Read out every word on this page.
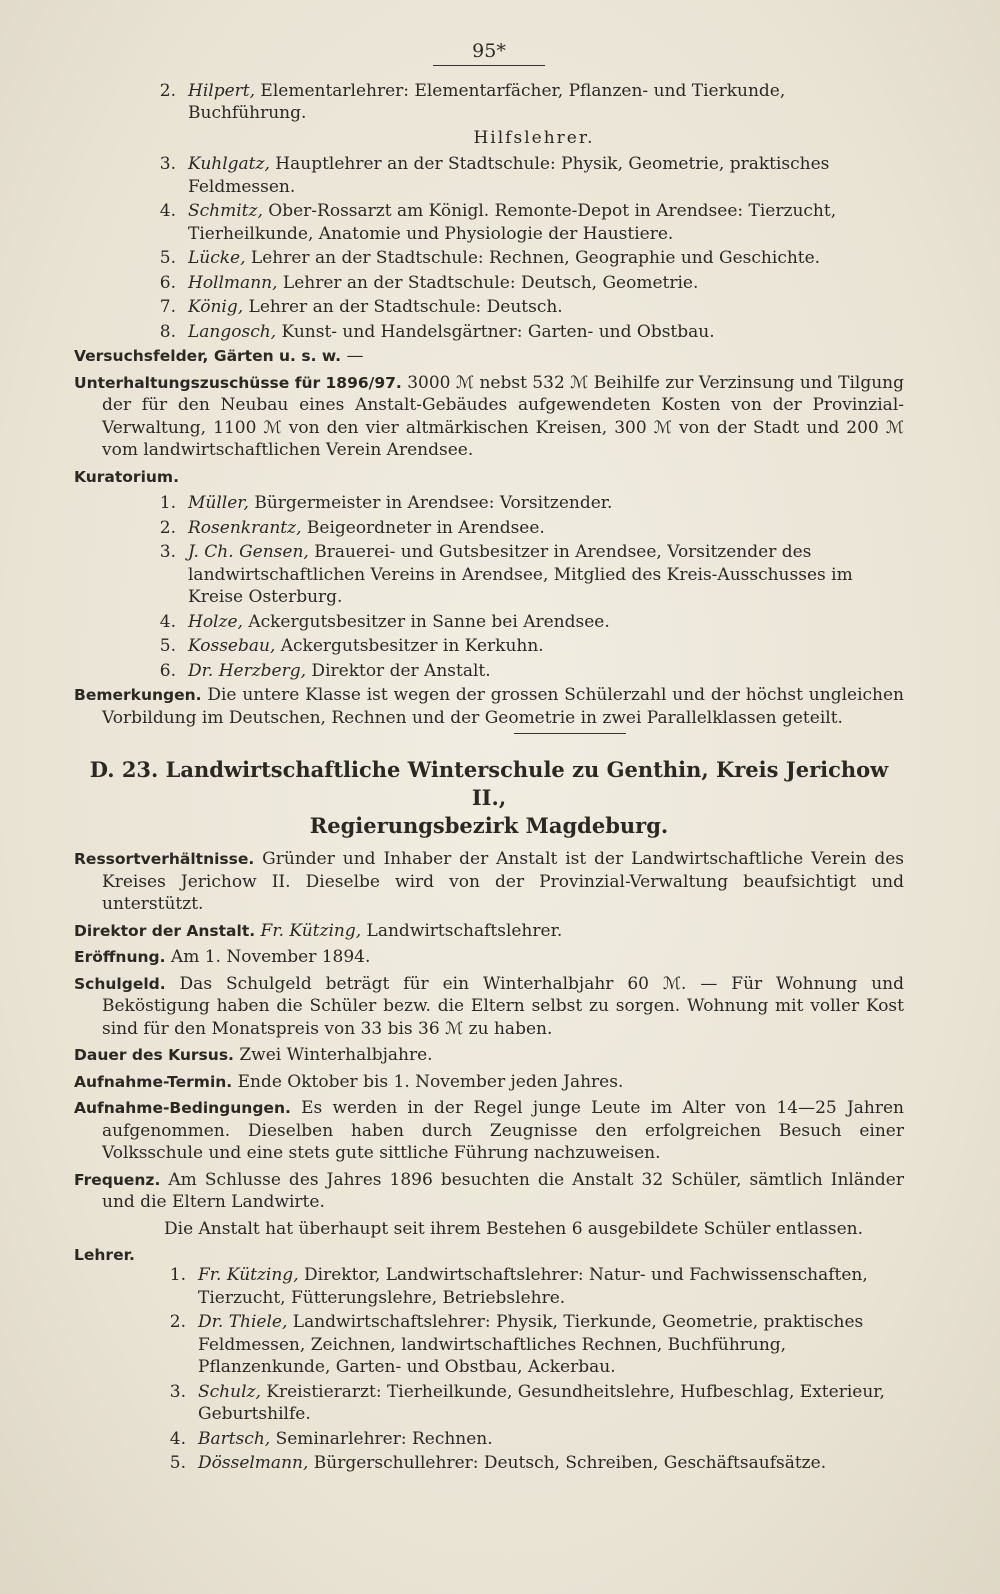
95*
2. Hilpert, Elementarlehrer: Elementarfächer, Pflanzen- und Tierkunde, Buchführung.
Hilfslehrer.
3. Kuhlgatz, Hauptlehrer an der Stadtschule: Physik, Geometrie, praktisches Feldmessen.
4. Schmitz, Ober-Rossarzt am Königl. Remonte-Depot in Arendsee: Tierzucht, Tierheilkunde, Anatomie und Physiologie der Haustiere.
5. Lücke, Lehrer an der Stadtschule: Rechnen, Geographie und Geschichte.
6. Hollmann, Lehrer an der Stadtschule: Deutsch, Geometrie.
7. König, Lehrer an der Stadtschule: Deutsch.
8. Langosch, Kunst- und Handelsgärtner: Garten- und Obstbau.
Versuchsfelder, Gärten u. s. w. —
Unterhaltungszuschüsse für 1896/97. 3000 ℳ nebst 532 ℳ Beihilfe zur Verzinsung und Tilgung der für den Neubau eines Anstalt-Gebäudes aufgewendeten Kosten von der Provinzial-Verwaltung, 1100 ℳ von den vier altmärkischen Kreisen, 300 ℳ von der Stadt und 200 ℳ vom landwirtschaftlichen Verein Arendsee.
Kuratorium.
1. Müller, Bürgermeister in Arendsee: Vorsitzender.
2. Rosenkrantz, Beigeordneter in Arendsee.
3. J. Ch. Gensen, Brauerei- und Gutsbesitzer in Arendsee, Vorsitzender des landwirtschaftlichen Vereins in Arendsee, Mitglied des Kreis-Ausschusses im Kreise Osterburg.
4. Holze, Ackergutsbesitzer in Sanne bei Arendsee.
5. Kossebau, Ackergutsbesitzer in Kerkuhn.
6. Dr. Herzberg, Direktor der Anstalt.
Bemerkungen. Die untere Klasse ist wegen der grossen Schülerzahl und der höchst ungleichen Vorbildung im Deutschen, Rechnen und der Geometrie in zwei Parallelklassen geteilt.
D. 23. Landwirtschaftliche Winterschule zu Genthin, Kreis Jerichow II.,
Regierungsbezirk Magdeburg.
Ressortverhältnisse. Gründer und Inhaber der Anstalt ist der Landwirtschaftliche Verein des Kreises Jerichow II. Dieselbe wird von der Provinzial-Verwaltung beaufsichtigt und unterstützt.
Direktor der Anstalt. Fr. Kützing, Landwirtschaftslehrer.
Eröffnung. Am 1. November 1894.
Schulgeld. Das Schulgeld beträgt für ein Winterhalbjahr 60 ℳ. — Für Wohnung und Beköstigung haben die Schüler bezw. die Eltern selbst zu sorgen. Wohnung mit voller Kost sind für den Monatspreis von 33 bis 36 ℳ zu haben.
Dauer des Kursus. Zwei Winterhalbjahre.
Aufnahme-Termin. Ende Oktober bis 1. November jeden Jahres.
Aufnahme-Bedingungen. Es werden in der Regel junge Leute im Alter von 14—25 Jahren aufgenommen. Dieselben haben durch Zeugnisse den erfolgreichen Besuch einer Volksschule und eine stets gute sittliche Führung nachzuweisen.
Frequenz. Am Schlusse des Jahres 1896 besuchten die Anstalt 32 Schüler, sämtlich Inländer und die Eltern Landwirte.
Die Anstalt hat überhaupt seit ihrem Bestehen 6 ausgebildete Schüler entlassen.
Lehrer.
1. Fr. Kützing, Direktor, Landwirtschaftslehrer: Natur- und Fachwissenschaften, Tierzucht, Fütterungslehre, Betriebslehre.
2. Dr. Thiele, Landwirtschaftslehrer: Physik, Tierkunde, Geometrie, praktisches Feldmessen, Zeichnen, landwirtschaftliches Rechnen, Buchführung, Pflanzenkunde, Garten- und Obstbau, Ackerbau.
3. Schulz, Kreistierarzt: Tierheilkunde, Gesundheitslehre, Hufbeschlag, Exterieur, Geburtshilfe.
4. Bartsch, Seminarlehrer: Rechnen.
5. Dösselmann, Bürgerschullehrer: Deutsch, Schreiben, Geschäftsaufsätze.
